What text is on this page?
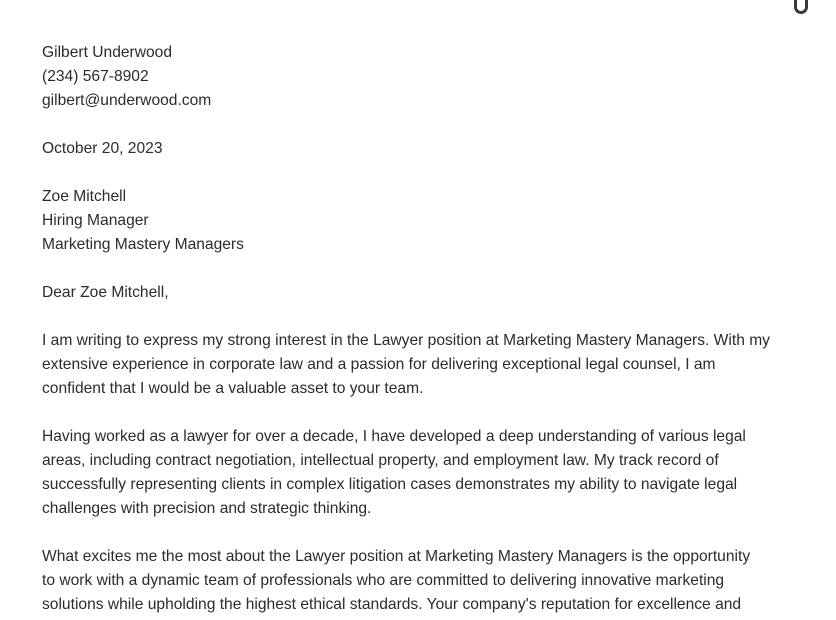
Gilbert Underwood
(234) 567-8902
gilbert@underwood.com
October 20, 2023
Zoe Mitchell
Hiring Manager
Marketing Mastery Managers
Dear Zoe Mitchell,
I am writing to express my strong interest in the Lawyer position at Marketing Mastery Managers. With my
extensive experience in corporate law and a passion for delivering exceptional legal counsel, I am
confident that I would be a valuable asset to your team.
Having worked as a lawyer for over a decade, I have developed a deep understanding of various legal
areas, including contract negotiation, intellectual property, and employment law. My track record of
successfully representing clients in complex litigation cases demonstrates my ability to navigate legal
challenges with precision and strategic thinking.
What excites me the most about the Lawyer position at Marketing Mastery Managers is the opportunity
to work with a dynamic team of professionals who are committed to delivering innovative marketing
solutions while upholding the highest ethical standards. Your company's reputation for excellence and
